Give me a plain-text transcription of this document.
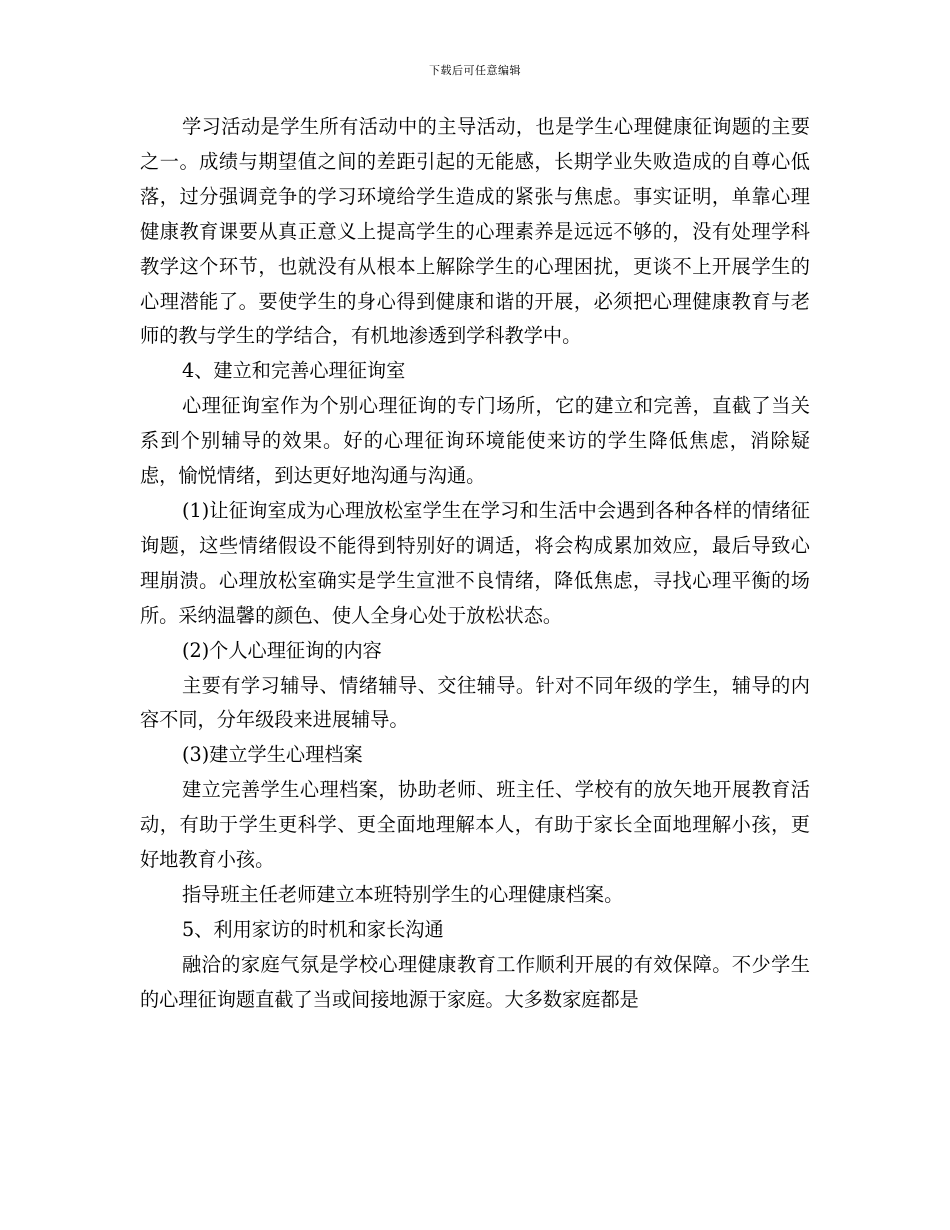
下载后可任意编辑

学习活动是学生所有活动中的主导活动，也是学生心理健康征询题的主要之一。成绩与期望值之间的差距引起的无能感，长期学业失败造成的自尊心低落，过分强调竞争的学习环境给学生造成的紧张与焦虑。事实证明，单靠心理健康教育课要从真正意义上提高学生的心理素养是远远不够的，没有处理学科教学这个环节，也就没有从根本上解除学生的心理困扰，更谈不上开展学生的心理潜能了。要使学生的身心得到健康和谐的开展，必须把心理健康教育与老师的教与学生的学结合，有机地渗透到学科教学中。

4、建立和完善心理征询室

心理征询室作为个别心理征询的专门场所，它的建立和完善，直截了当关系到个别辅导的效果。好的心理征询环境能使来访的学生降低焦虑，消除疑虑，愉悦情绪，到达更好地沟通与沟通。

(1)让征询室成为心理放松室学生在学习和生活中会遇到各种各样的情绪征询题，这些情绪假设不能得到特别好的调适，将会构成累加效应，最后导致心理崩溃。心理放松室确实是学生宣泄不良情绪，降低焦虑，寻找心理平衡的场所。采纳温馨的颜色、使人全身心处于放松状态。

(2)个人心理征询的内容

主要有学习辅导、情绪辅导、交往辅导。针对不同年级的学生，辅导的内容不同，分年级段来进展辅导。

(3)建立学生心理档案

建立完善学生心理档案，协助老师、班主任、学校有的放矢地开展教育活动，有助于学生更科学、更全面地理解本人，有助于家长全面地理解小孩，更好地教育小孩。

指导班主任老师建立本班特别学生的心理健康档案。

5、利用家访的时机和家长沟通

融洽的家庭气氛是学校心理健康教育工作顺利开展的有效保障。不少学生的心理征询题直截了当或间接地源于家庭。大多数家庭都是
